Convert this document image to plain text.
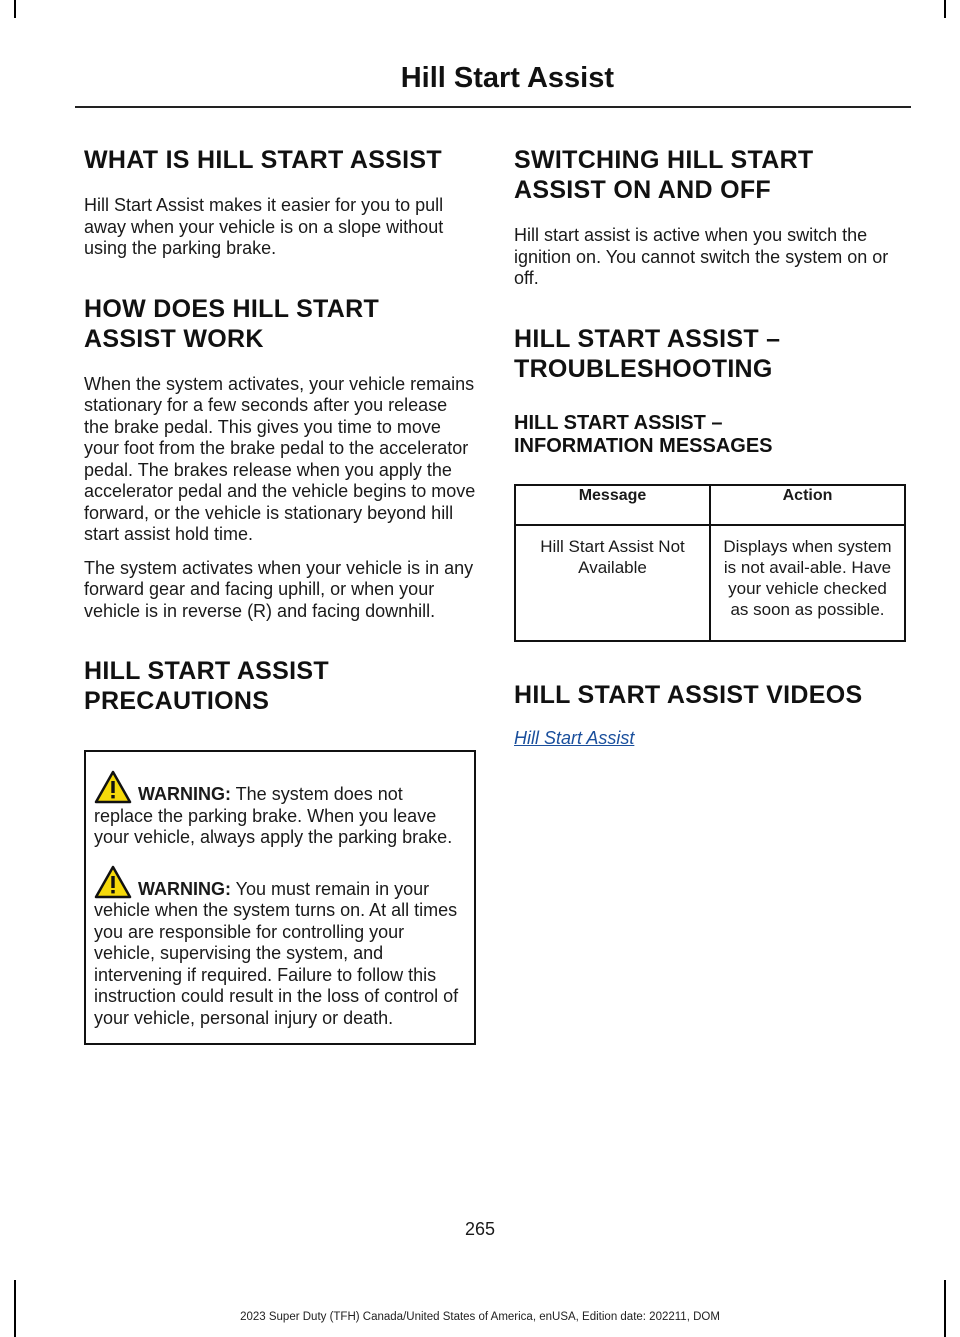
Hill Start Assist
WHAT IS HILL START ASSIST

Hill Start Assist makes it easier for you to pull away when your vehicle is on a slope without using the parking brake.

HOW DOES HILL START
ASSIST WORK

When the system activates, your vehicle remains stationary for a few seconds after you release the brake pedal. This gives you time to move your foot from the brake pedal to the accelerator pedal. The brakes release when you apply the accelerator pedal and the vehicle begins to move forward, or the vehicle is stationary beyond hill start assist hold time.

The system activates when your vehicle is in any forward gear and facing uphill, or when your vehicle is in reverse (R) and facing downhill.

HILL START ASSIST
PRECAUTIONS

WARNING: The system does not replace the parking brake. When you leave your vehicle, always apply the parking brake.

WARNING: You must remain in your vehicle when the system turns on. At all times you are responsible for controlling your vehicle, supervising the system, and intervening if required. Failure to follow this instruction could result in the loss of control of your vehicle, personal injury or death.

SWITCHING HILL START
ASSIST ON AND OFF

Hill start assist is active when you switch the ignition on. You cannot switch the system on or off.

HILL START ASSIST –
TROUBLESHOOTING
HILL START ASSIST –
INFORMATION MESSAGES
Message	Action
Hill Start Assist Not Available	Displays when system is not avail-able. Have your vehicle checked as soon as possible.
HILL START ASSIST VIDEOS
Hill Start Assist
265
2023 Super Duty (TFH) Canada/United States of America, enUSA, Edition date: 202211, DOM
